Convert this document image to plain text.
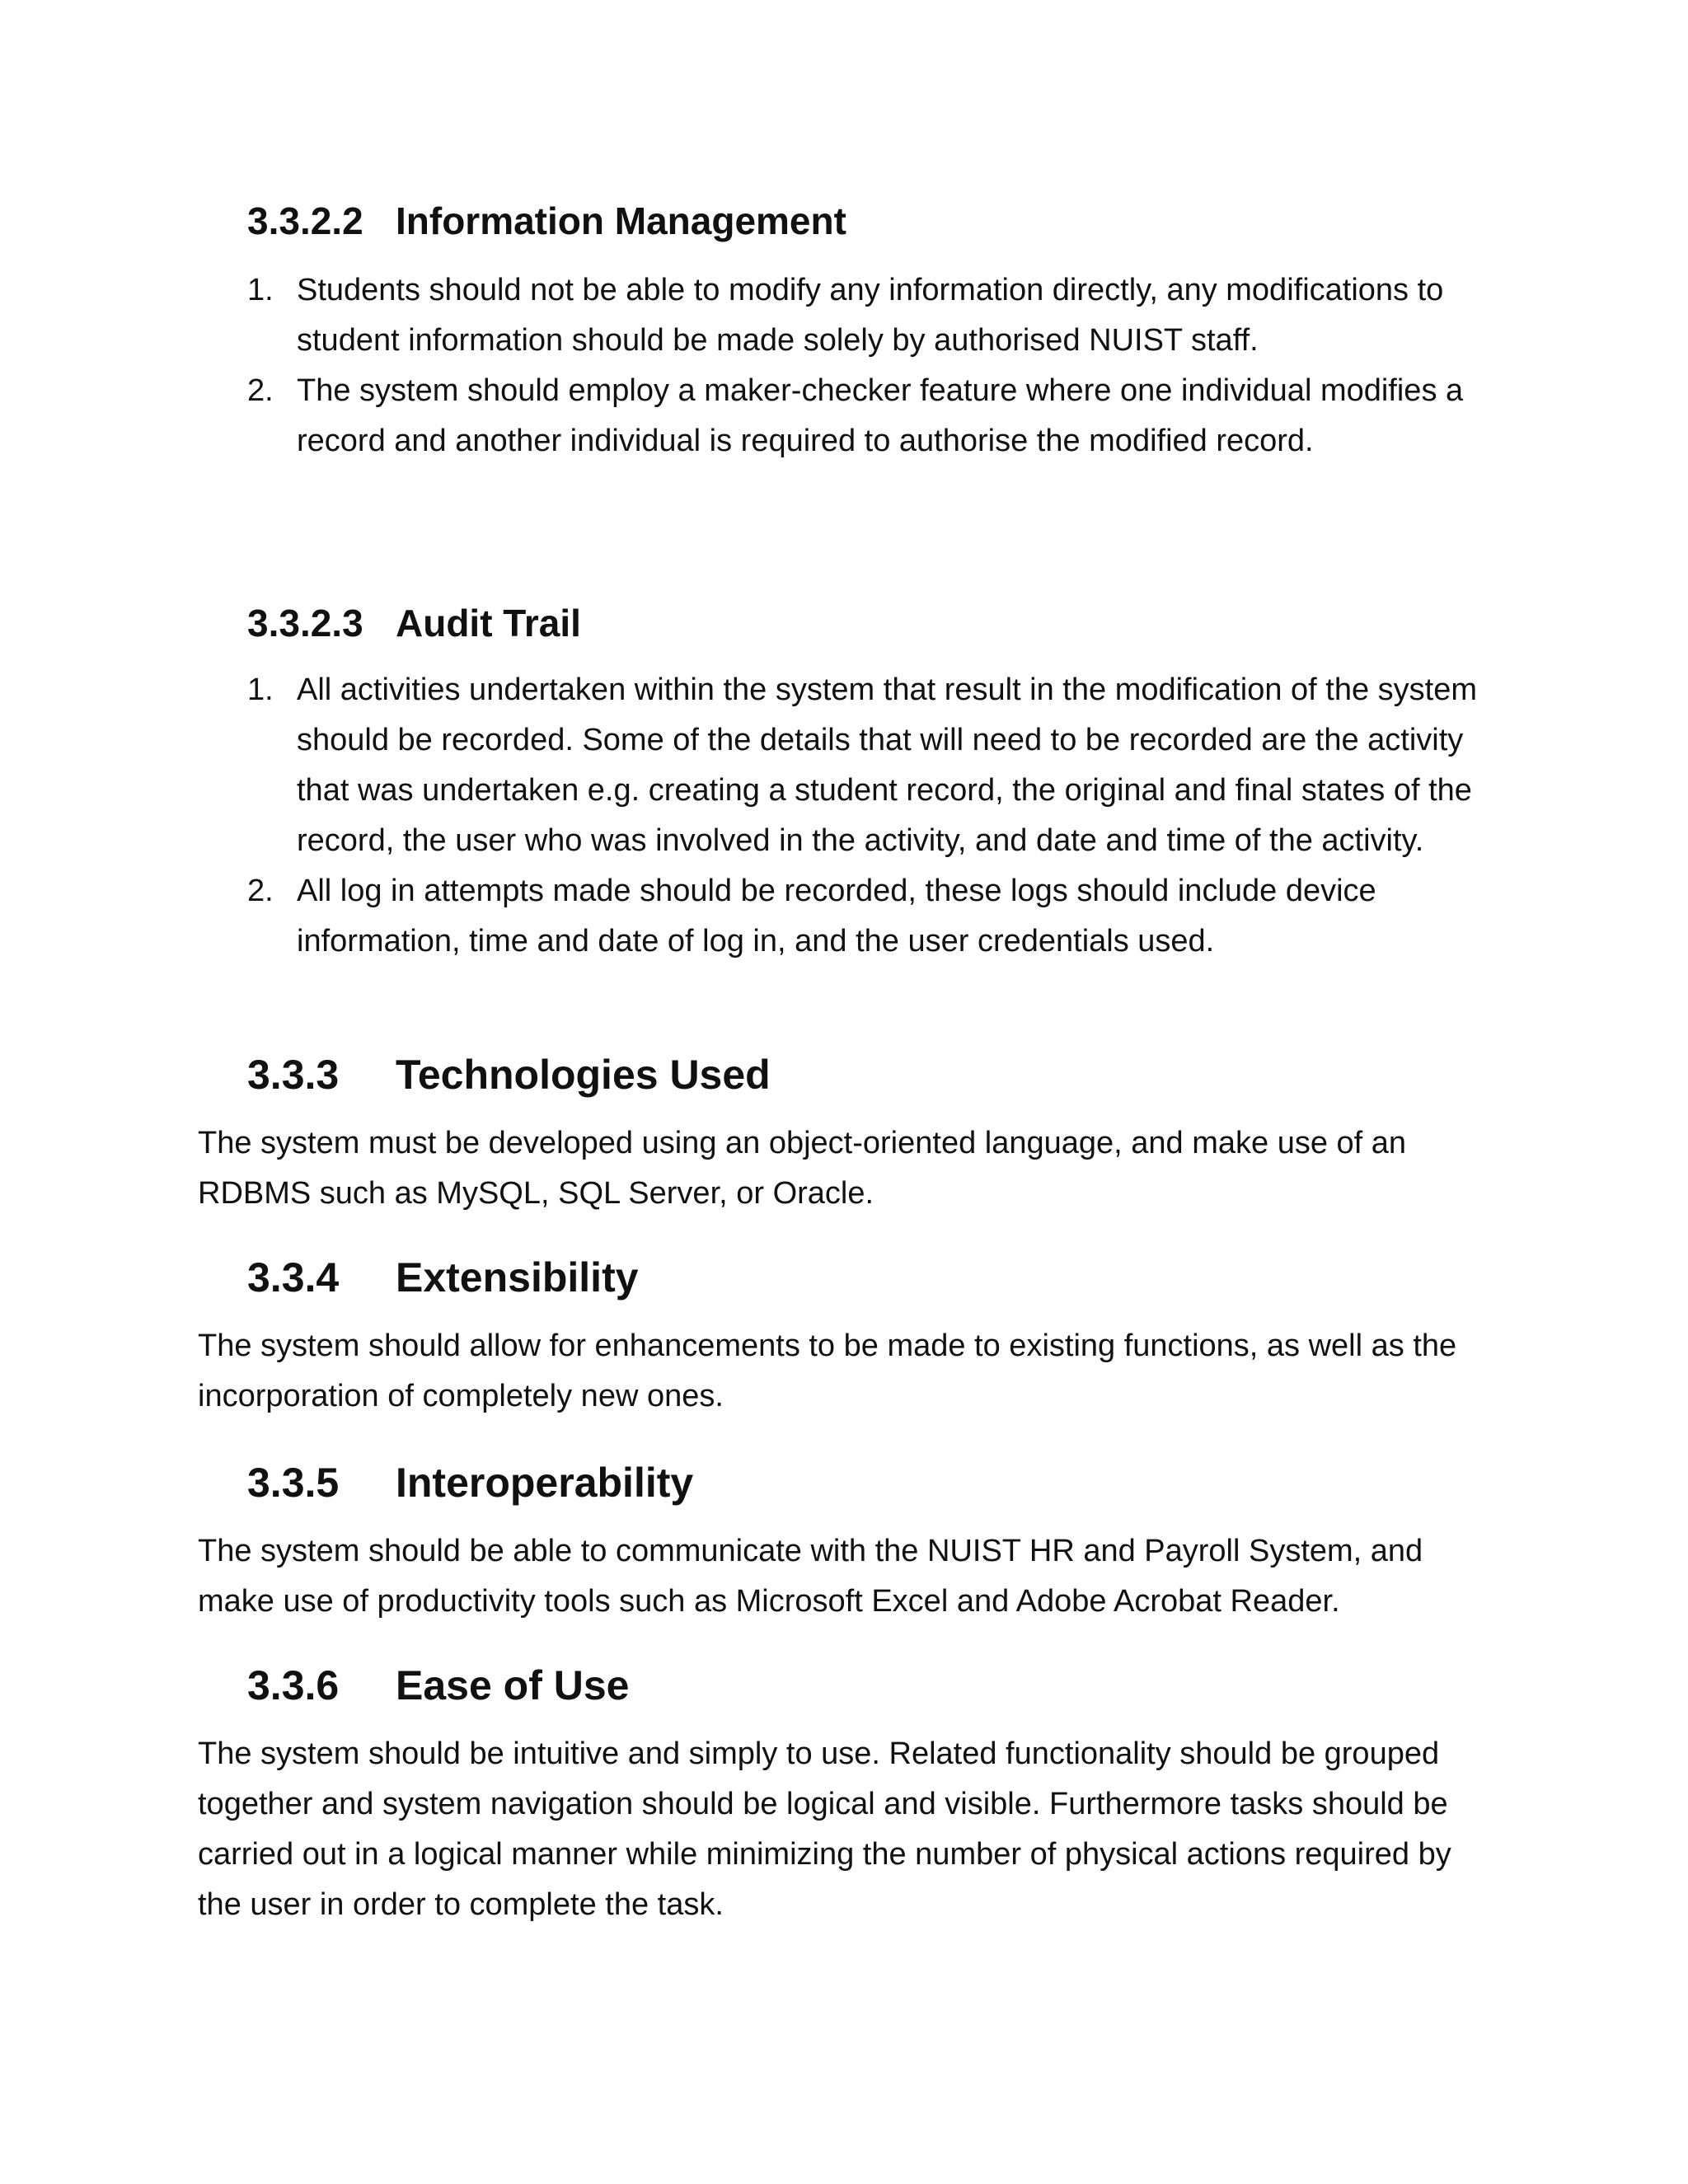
3.3.2.2 Information Management
1. Students should not be able to modify any information directly, any modifications to student information should be made solely by authorised NUIST staff.
2. The system should employ a maker-checker feature where one individual modifies a record and another individual is required to authorise the modified record.
3.3.2.3 Audit Trail
1. All activities undertaken within the system that result in the modification of the system should be recorded. Some of the details that will need to be recorded are the activity that was undertaken e.g. creating a student record, the original and final states of the record, the user who was involved in the activity, and date and time of the activity.
2. All log in attempts made should be recorded, these logs should include device information, time and date of log in, and the user credentials used.
3.3.3 Technologies Used

The system must be developed using an object-oriented language, and make use of an RDBMS such as MySQL, SQL Server, or Oracle.

3.3.4 Extensibility

The system should allow for enhancements to be made to existing functions, as well as the incorporation of completely new ones.

3.3.5 Interoperability

The system should be able to communicate with the NUIST HR and Payroll System, and make use of productivity tools such as Microsoft Excel and Adobe Acrobat Reader.

3.3.6 Ease of Use

The system should be intuitive and simply to use. Related functionality should be grouped together and system navigation should be logical and visible. Furthermore tasks should be carried out in a logical manner while minimizing the number of physical actions required by the user in order to complete the task.
